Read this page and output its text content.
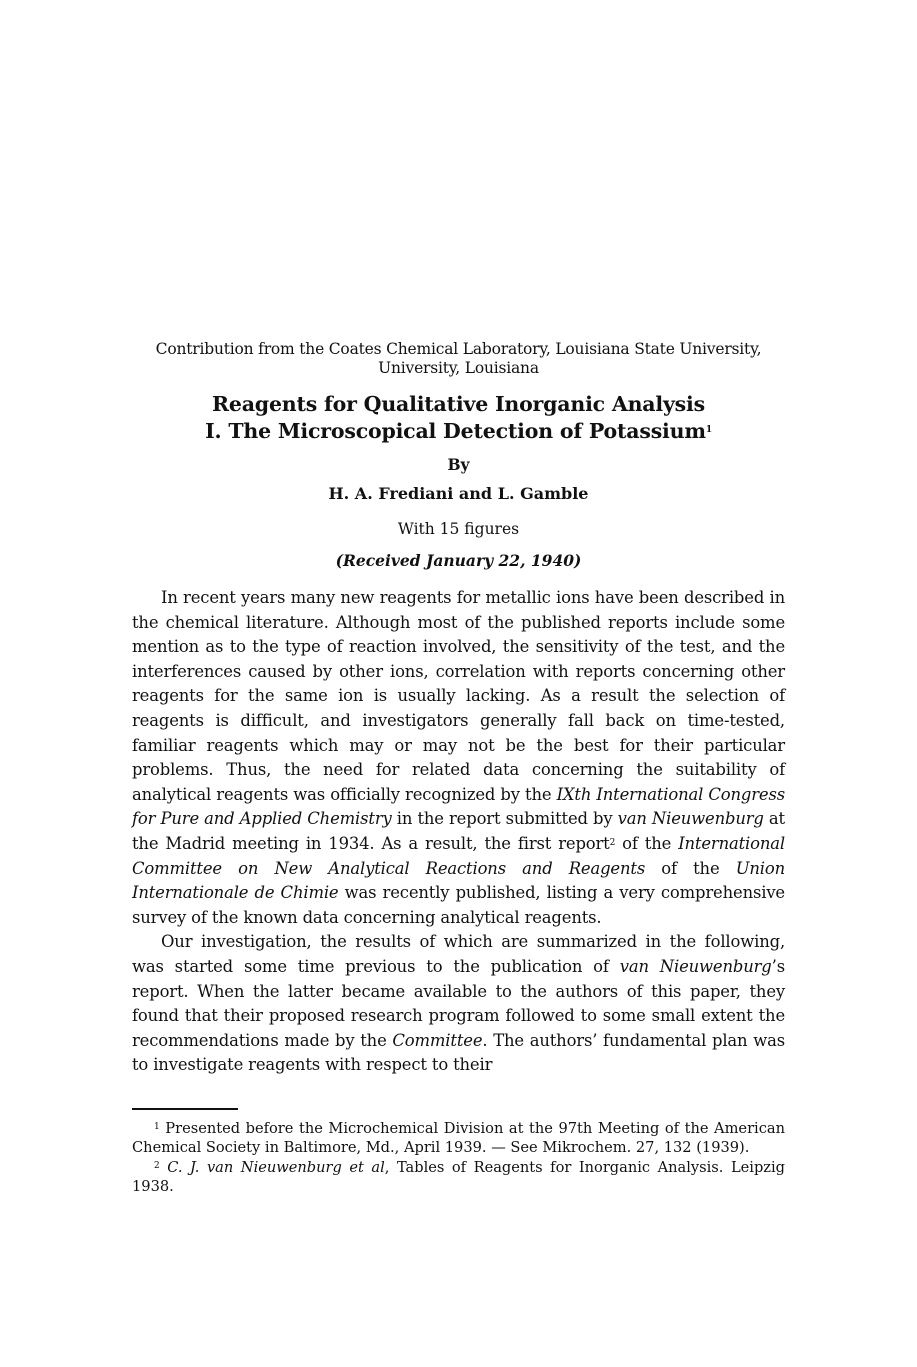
Contribution from the Coates Chemical Laboratory, Louisiana State University,
University, Louisiana
Reagents for Qualitative Inorganic Analysis
I. The Microscopical Detection of Potassium$^1$
By
H. A. Frediani and L. Gamble
With 15 figures
(Received January 22, 1940)

In recent years many new reagents for metallic ions have been described in the chemical literature. Although most of the published reports include some mention as to the type of reaction involved, the sensitivity of the test, and the interferences caused by other ions, correlation with reports concerning other reagents for the same ion is usually lacking. As a result the selection of reagents is difficult, and investigators generally fall back on time-tested, familiar reagents which may or may not be the best for their particular problems. Thus, the need for related data concerning the suitability of analytical reagents was officially recognized by the IXth International Congress for Pure and Applied Chemistry in the report submitted by van Nieuwenburg at the Madrid meeting in 1934. As a result, the first report$^2$ of the International Committee on New Analytical Reactions and Reagents of the Union Internationale de Chimie was recently published, listing a very comprehensive survey of the known data concerning analytical reagents.

Our investigation, the results of which are summarized in the following, was started some time previous to the publication of van Nieuwenburg’s report. When the latter became available to the authors of this paper, they found that their proposed research program followed to some small extent the recommendations made by the Committee. The authors’ fundamental plan was to investigate reagents with respect to their

$^1$ Presented before the Microchemical Division at the 97th Meeting of the American Chemical Society in Baltimore, Md., April 1939. — See Mikrochem. 27, 132 (1939).

$^2$ C. J. van Nieuwenburg et al, Tables of Reagents for Inorganic Analysis. Leipzig 1938.
